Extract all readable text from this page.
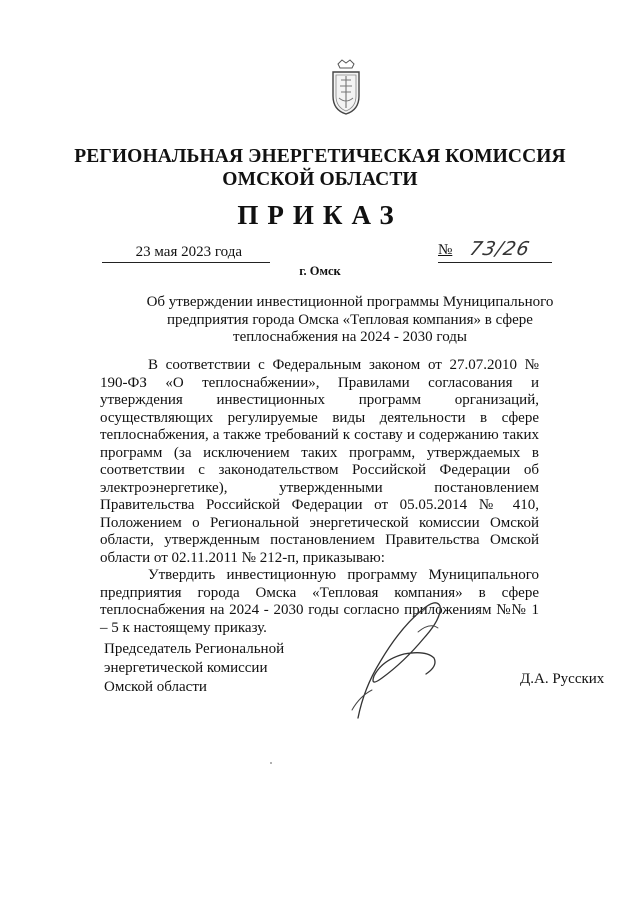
РЕГИОНАЛЬНАЯ ЭНЕРГЕТИЧЕСКАЯ КОМИССИЯ
ОМСКОЙ ОБЛАСТИ
ПРИКАЗ
23 мая 2023 года	№ 73/26
г. Омск
Об утверждении инвестиционной программы Муниципального предприятия города Омска «Тепловая компания» в сфере теплоснабжения на 2024 - 2030 годы

В соответствии с Федеральным законом от 27.07.2010 № 190-ФЗ «О теплоснабжении», Правилами согласования и утверждения инвестиционных программ организаций, осуществляющих регулируемые виды деятельности в сфере теплоснабжения, а также требований к составу и содержанию таких программ (за исключением таких программ, утверждаемых в соответствии с законодательством Российской Федерации об электроэнергетике), утвержденными постановлением Правительства Российской Федерации от 05.05.2014 № 410, Положением о Региональной энергетической комиссии Омской области, утвержденным постановлением Правительства Омской области от 02.11.2011 № 212-п, приказываю:

Утвердить инвестиционную программу Муниципального предприятия города Омска «Тепловая компания» в сфере теплоснабжения на 2024 - 2030 годы согласно приложениям №№ 1 – 5 к настоящему приказу.

Председатель Региональной
энергетической комиссии
Омской области	Д.А. Русских
